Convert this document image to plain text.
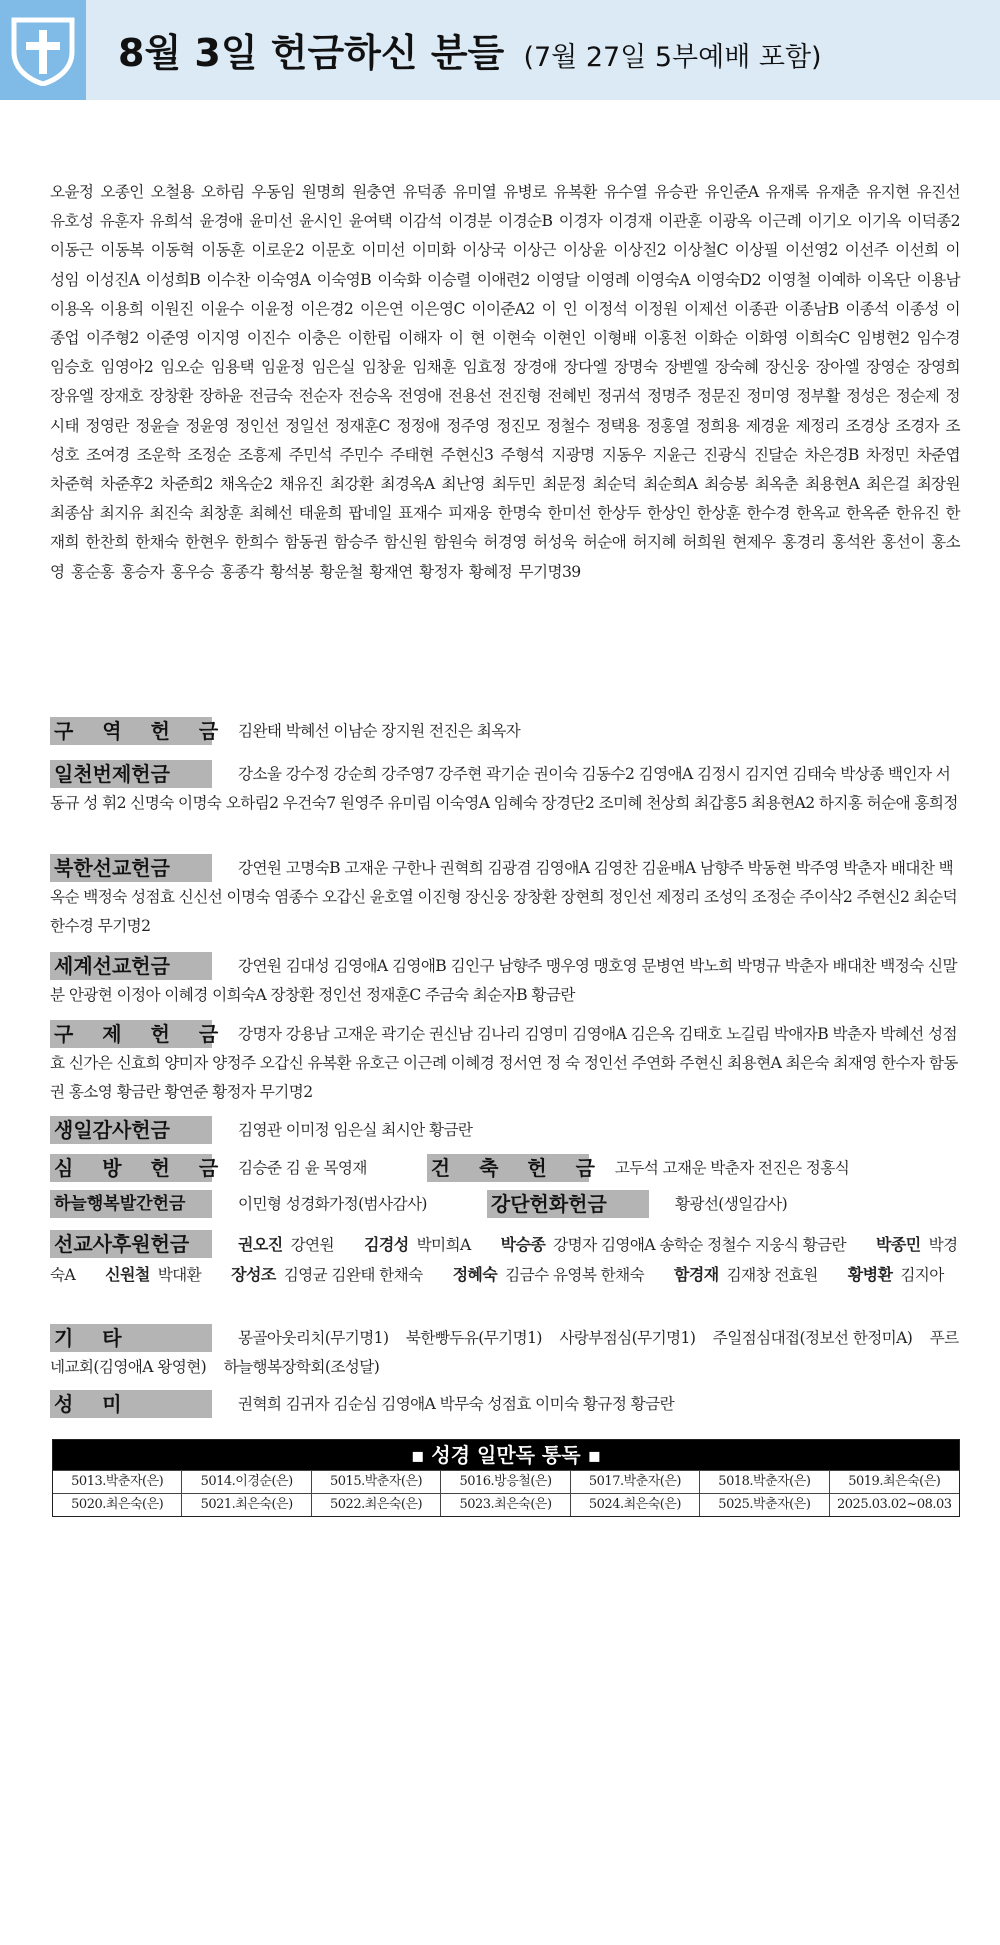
8월 3일 헌금하신 분들 (7월 27일 5부예배 포함)
오윤정 오종인 오철용 오하림 우동임 원명희 원충연 유덕종 유미열 유병로 유복환 유수열 유승관 유인준A 유재록 유재춘 유지현 유진선 유호성 유훈자 유희석 윤경애 윤미선 윤시인 윤여택 이감석 이경분 이경순B 이경자 이경재 이관훈 이광옥 이근례 이기오 이기옥 이덕종2 이동근 이동복 이동혁 이동훈 이로운2 이문호 이미선 이미화 이상국 이상근 이상윤 이상진2 이상철C 이상필 이선영2 이선주 이선희 이성임 이성진A 이성희B 이수찬 이숙영A 이숙영B 이숙화 이승렬 이애련2 이영달 이영례 이영숙A 이영숙D2 이영철 이예하 이옥단 이용남 이용옥 이용희 이원진 이윤수 이윤정 이은경2 이은연 이은영C 이이준A2 이 인 이정석 이정원 이제선 이종관 이종남B 이종석 이종성 이종업 이주형2 이준영 이지영 이진수 이충은 이한립 이해자 이 현 이현숙 이현인 이형배 이홍천 이화순 이화영 이희숙C 임병현2 임수경 임승호 임영아2 임오순 임용택 임윤정 임은실 임창윤 임채훈 임효정 장경애 장다엘 장명숙 장벧엘 장숙혜 장신웅 장아엘 장영순 장영희 장유엘 장재호 장창환 장하윤 전금숙 전순자 전승옥 전영애 전용선 전진형 전혜빈 정귀석 정명주 정문진 정미영 정부활 정성은 정순제 정시태 정영란 정윤슬 정윤영 정인선 정일선 정재훈C 정정애 정주영 정진모 정철수 정택용 정홍열 정희용 제경윤 제정리 조경상 조경자 조성호 조여경 조운학 조정순 조흥제 주민석 주민수 주태현 주현신3 주형석 지광명 지동우 지윤근 진광식 진달순 차은경B 차정민 차준엽 차준혁 차준후2 차준희2 채옥순2 채유진 최강환 최경옥A 최난영 최두민 최문정 최순덕 최순희A 최승봉 최옥춘 최용현A 최은걸 최장원 최종삼 최지유 최진숙 최창훈 최혜선 태윤희 팝네일 표재수 피재웅 한명숙 한미선 한상두 한상인 한상훈 한수경 한옥교 한옥준 한유진 한재희 한찬희 한채숙 한현우 한희수 함동권 함승주 함신원 함원숙 허경영 허성욱 허순애 허지혜 허희원 현제우 홍경리 홍석완 홍선이 홍소영 홍순홍 홍승자 홍우승 홍종각 황석봉 황운철 황재연 황정자 황혜정 무기명39
구 역 헌 금 김완태 박혜선 이남순 장지원 전진은 최옥자
일천번제헌금	강소울 강수정 강순희 강주영7 강주현 곽기순 권이숙 김동수2 김영애A 김정시 김지연 김태숙 박상종 백인자 서동규 성 휘2 신명숙 이명숙 오하림2 우건숙7 원영주 유미림 이숙영A 임혜숙 장경단2 조미혜 천상희 최갑흥5 최용현A2 하지홍 허순애 홍희정
북한선교헌금	강연원 고명숙B 고재운 구한나 권혁희 김광겸 김영애A 김영찬 김윤배A 남향주 박동현 박주영 박춘자 배대찬 백옥순 백정숙 성점효 신신선 이명숙 염종수 오갑신 윤호열 이진형 장신웅 장창환 장현희 정인선 제정리 조성익 조정순 주이삭2 주현신2 최순덕 한수경 무기명2
세계선교헌금	강연원 김대성 김영애A 김영애B 김인구 남향주 맹우영 맹호영 문병연 박노희 박명규 박춘자 배대찬 백정숙 신말분 안광현 이정아 이혜경 이희숙A 장창환 정인선 정재훈C 주금숙 최순자B 황금란
구 제 헌 금 강명자 강용남 고재운 곽기순 권신남 김나리 김영미 김영애A 김은옥 김태호 노길림 박애자B 박춘자 박혜선 성점효 신가은 신효희 양미자 양정주 오갑신 유복환 유호근 이근례 이혜경 정서연 정 숙 정인선 주연화 주현신 최용현A 최은숙 최재영 한수자 함동권 홍소영 황금란 황연준 황정자 무기명2
생일감사헌금	김영관 이미정 임은실 최시안 황금란
심 방 헌 금 김승준 김 윤 목영재	건 축 헌 금 고두석 고재운 박춘자 전진은 정홍식
하늘행복발간헌금	이민형 성경화가정(범사감사)	강단헌화헌금	황광선(생일감사)
선교사후원헌금	권오진 강연원 김경성 박미희A 박승종 강명자 김영애A 송학순 정철수 지웅식 황금란 박종민 박경숙A 신원철 박대환 장성조 김영균 김완태 한채숙 정혜숙 김금수 유영복 한채숙 함경재 김재창 전효원 황병환 김지아
기 타	몽골아웃리치(무기명1)    북한빵두유(무기명1)    사랑부점심(무기명1)    주일점심대접(정보선 한정미A)    푸르네교회(김영애A 왕영현)    하늘행복장학회(조성달)
성 미	권혁희 김귀자 김순심 김영애A 박무숙 성점효 이미숙 황규정 황금란
▪ 성경 일만독 통독 ▪
5013.박춘자(은)	5014.이경순(은)	5015.박춘자(은)	5016.방응철(은)	5017.박춘자(은)	5018.박춘자(은)	5019.최은숙(은)
5020.최은숙(은)	5021.최은숙(은)	5022.최은숙(은)	5023.최은숙(은)	5024.최은숙(은)	5025.박춘자(은)	2025.03.02~08.03
